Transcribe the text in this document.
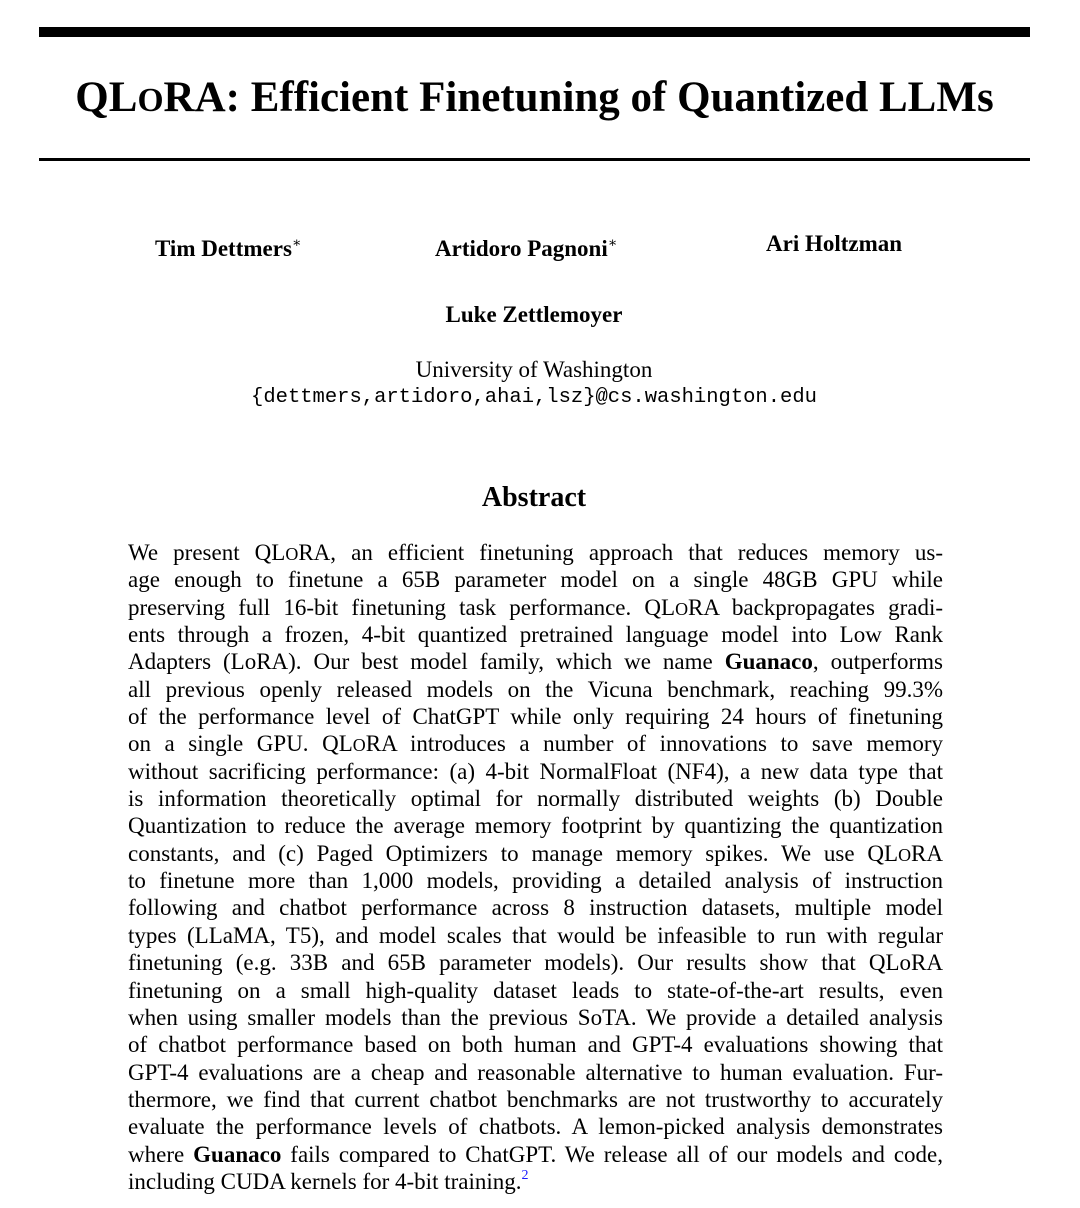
QLORA: Efficient Finetuning of Quantized LLMs
Tim Dettmers∗	Artidoro Pagnoni∗	Ari Holtzman
Luke Zettlemoyer
University of Washington
{dettmers,artidoro,ahai,lsz}@cs.washington.edu
Abstract
We present QLORA, an efficient finetuning approach that reduces memory us-
age enough to finetune a 65B parameter model on a single 48GB GPU while
preserving full 16-bit finetuning task performance. QLORA backpropagates gradi-
ents through a frozen, 4-bit quantized pretrained language model into Low Rank
Adapters (LoRA). Our best model family, which we name Guanaco, outperforms
all previous openly released models on the Vicuna benchmark, reaching 99.3%
of the performance level of ChatGPT while only requiring 24 hours of finetuning
on a single GPU. QLORA introduces a number of innovations to save memory
without sacrificing performance: (a) 4-bit NormalFloat (NF4), a new data type that
is information theoretically optimal for normally distributed weights (b) Double
Quantization to reduce the average memory footprint by quantizing the quantization
constants, and (c) Paged Optimizers to manage memory spikes. We use QLORA
to finetune more than 1,000 models, providing a detailed analysis of instruction
following and chatbot performance across 8 instruction datasets, multiple model
types (LLaMA, T5), and model scales that would be infeasible to run with regular
finetuning (e.g. 33B and 65B parameter models). Our results show that QLoRA
finetuning on a small high-quality dataset leads to state-of-the-art results, even
when using smaller models than the previous SoTA. We provide a detailed analysis
of chatbot performance based on both human and GPT-4 evaluations showing that
GPT-4 evaluations are a cheap and reasonable alternative to human evaluation. Fur-
thermore, we find that current chatbot benchmarks are not trustworthy to accurately
evaluate the performance levels of chatbots. A lemon-picked analysis demonstrates
where Guanaco fails compared to ChatGPT. We release all of our models and code,
including CUDA kernels for 4-bit training.$^2$
